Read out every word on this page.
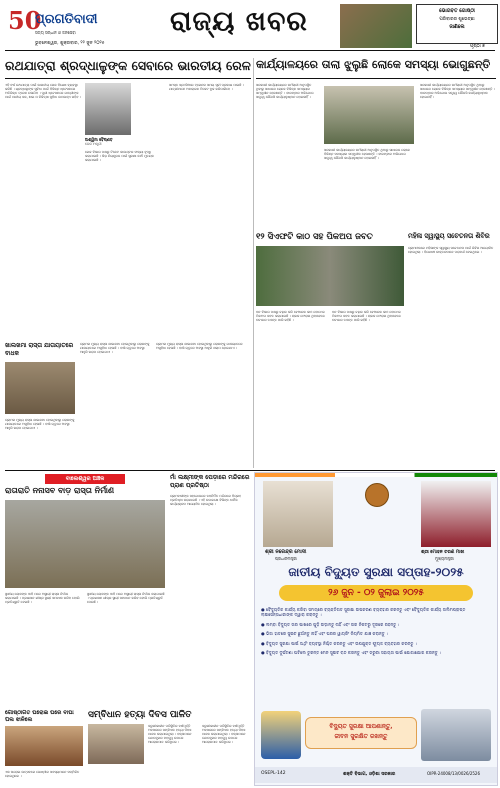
50
ପ୍ରଗତିବାଦୀ
ସତ୍ୟ ସନ୍ଧାନ ଓ ଜନସେବା
ଭୁବନେଶ୍ୱର, ଶୁକ୍ରବାର, ୨୨ ଜୁନ ୨୦୨୫
ରାଜ୍ୟ ଖବର	ଭୋଗବତ ଗୋଷ୍ଠୀ
ପରିବାରର ଶୁଭେଚ୍ଛା
ଜାଣିଲେ
ପୃଷ୍ଠା ୭
ରଥଯାତ୍ରା ଶ୍ରଦ୍ଧାଳୁଙ୍କ ସେବାରେ ଭାରତୀୟ ରେଳ
ଏହି ବର୍ଷ ରଥଯାତ୍ରା ପାଇଁ ଭାରତୀୟ ରେଳ ବିଶେଷ ବ୍ୟବସ୍ଥା କରିଛି । ଶ୍ରଦ୍ଧାଳୁଙ୍କ ସୁବିଧା ପାଇଁ ବିଭିନ୍ନ ଷ୍ଟେସନରେ ଅତିରିକ୍ତ ଟ୍ରେନ ଚଳାଯିବ । ପୁରୀ ଷ୍ଟେସନରେ ଯାତ୍ରୀଙ୍କ ପାଇଁ ପାନୀୟ ଜଳ, ଛାଇ ଓ ଚିକିତ୍ସା ସୁବିଧା ଉପଲବ୍ଧ ରହିବ ।
ଅଶ୍ୱିନୀ ବୈଷ୍ଣବ
ରେଳ ମନ୍ତ୍ରୀ
ରେଳ ବିଭାଗ ପକ୍ଷରୁ ଟିକେଟ କାଉଣ୍ଟର ସଂଖ୍ୟା ବୃଦ୍ଧି କରାଯାଇଛି । ଭିଡ଼ ନିୟନ୍ତ୍ରଣ ପାଇଁ ସୁରକ୍ଷା କର୍ମୀ ମୁତୟନ କରାଯାଇଛି ।
ସମସ୍ତ ସ୍ପେସିଆଲ ଟ୍ରେନର ସମୟ ସୂଚୀ ପ୍ରକାଶ ପାଇଛି । ଯାତ୍ରୀମାନେ ଅନଲାଇନ ଟିକେଟ ବୁକ କରିପାରିବେ ।
କାର୍ଯ୍ୟାଳୟରେ ତାଲା ଝୁଲୁଛି ଲୋକେ ସମସ୍ୟା ଭୋଗୁଛନ୍ତି
ସରକାରୀ କାର୍ଯ୍ୟାଳୟରେ କର୍ମଚାରୀ ଅନୁପସ୍ଥିତ ଥିବାରୁ ସାଧାରଣ ଲୋକେ ବିଭିନ୍ନ ସମସ୍ୟାର ସମ୍ମୁଖୀନ ହେଉଛନ୍ତି । ବାରମ୍ବାର ଅଭିଯୋଗ ସତ୍ତ୍ୱେ କୌଣସି କାର୍ଯ୍ୟାନୁଷ୍ଠାନ ହୋଇନାହିଁ ।
ସରକାରୀ କାର୍ଯ୍ୟାଳୟରେ କର୍ମଚାରୀ ଅନୁପସ୍ଥିତ ଥିବାରୁ ସାଧାରଣ ଲୋକେ ବିଭିନ୍ନ ସମସ୍ୟାର ସମ୍ମୁଖୀନ ହେଉଛନ୍ତି । ବାରମ୍ବାର ଅଭିଯୋଗ ସତ୍ତ୍ୱେ କୌଣସି କାର୍ଯ୍ୟାନୁଷ୍ଠାନ ହୋଇନାହିଁ ।
ସରକାରୀ କାର୍ଯ୍ୟାଳୟରେ କର୍ମଚାରୀ ଅନୁପସ୍ଥିତ ଥିବାରୁ ସାଧାରଣ ଲୋକେ ବିଭିନ୍ନ ସମସ୍ୟାର ସମ୍ମୁଖୀନ ହେଉଛନ୍ତି । ବାରମ୍ବାର ଅଭିଯୋଗ ସତ୍ତ୍ୱେ କୌଣସି କାର୍ଯ୍ୟାନୁଷ୍ଠାନ ହୋଇନାହିଁ ।
୧୨ ସିଏଫଟି କାଠ ସହ ପିକଅପ ଜବତ
ବନ ବିଭାଗ ପକ୍ଷରୁ ଚଢ଼ଉ କରି ବେଆଇନ କାଠ ବୋଝେଇ ପିକଅପ ଜବତ କରାଯାଇଛି । ଚାଳକ ଫେରାର ଥିବାବେଳେ ଘଟଣାର ତଦନ୍ତ ଜାରି ରହିଛି ।
ବନ ବିଭାଗ ପକ୍ଷରୁ ଚଢ଼ଉ କରି ବେଆଇନ କାଠ ବୋଝେଇ ପିକଅପ ଜବତ କରାଯାଇଛି । ଚାଳକ ଫେରାର ଥିବାବେଳେ ଘଟଣାର ତଦନ୍ତ ଜାରି ରହିଛି ।
ମହିଳା ସ୍ୱାସ୍ଥ୍ୟ ସଚେତନତା ଶିବିର
ଗ୍ରାମାଞ୍ଚଳରେ ମହିଳାଙ୍କ ସ୍ୱାସ୍ଥ୍ୟ ସଚେତନତା ପାଇଁ ଶିବିର ଆୟୋଜିତ ହୋଇଥିଲା । ବିଶେଷଜ୍ଞ ଡାକ୍ତରମାନେ ପରାମର୍ଶ ଦେଇଥିଲେ ।
ଖାଲଖମା ରାସ୍ତା ଯାତାୟାତରେ ବାଧକ
ଗ୍ରାମର ମୁଖ୍ୟ ରାସ୍ତା ଖାଲଖମା ହୋଇଥିବାରୁ ଲୋକଙ୍କୁ ଯାତାୟାତରେ ଅସୁବିଧା ହେଉଛି । ବର୍ଷା ଋତୁରେ ଅବସ୍ଥା ଆହୁରି ଖରାପ ହୋଇଯାଏ ।
ଗ୍ରାମର ମୁଖ୍ୟ ରାସ୍ତା ଖାଲଖମା ହୋଇଥିବାରୁ ଲୋକଙ୍କୁ ଯାତାୟାତରେ ଅସୁବିଧା ହେଉଛି । ବର୍ଷା ଋତୁରେ ଅବସ୍ଥା ଆହୁରି ଖରାପ ହୋଇଯାଏ ।
ଗ୍ରାମର ମୁଖ୍ୟ ରାସ୍ତା ଖାଲଖମା ହୋଇଥିବାରୁ ଲୋକଙ୍କୁ ଯାତାୟାତରେ ଅସୁବିଧା ହେଉଛି । ବର୍ଷା ଋତୁରେ ଅବସ୍ଥା ଆହୁରି ଖରାପ ହୋଇଯାଏ ।
ବାଲେଶ୍ୱର ଅଞ୍ଚଳ
ରାତାରାତି ନନାସବ ବାଡ଼ ରାସ୍ତା ନିର୍ମାଣ
ସ୍ଥାନୀୟ ଲୋକଙ୍କ ଦାବି ପରେ ଅସ୍ଥାୟୀ ରାସ୍ତା ନିର୍ମାଣ କରାଯାଇଛି । ପ୍ରଶାସନ ଶୀଘ୍ର ସ୍ଥାୟୀ ସମାଧାନ କରିବ ବୋଲି ପ୍ରତିଶ୍ରୁତି ଦେଇଛି ।
ସ୍ଥାନୀୟ ଲୋକଙ୍କ ଦାବି ପରେ ଅସ୍ଥାୟୀ ରାସ୍ତା ନିର୍ମାଣ କରାଯାଇଛି । ପ୍ରଶାସନ ଶୀଘ୍ର ସ୍ଥାୟୀ ସମାଧାନ କରିବ ବୋଲି ପ୍ରତିଶ୍ରୁତି ଦେଇଛି ।
ମାଁ ଲକ୍ଷ୍ମୀଙ୍କ ପେଡ଼ାରେ ମନ୍ଦିରରେ ପ୍ରାଣ ପ୍ରତିଷ୍ଠା
ଗ୍ରାମବାସୀଙ୍କ ସହଯୋଗରେ ନବନିର୍ମିତ ମନ୍ଦିରରେ ବିଗ୍ରହ ପ୍ରତିଷ୍ଠା କରାଯାଇଛି । ଏହି ଉପଲକ୍ଷେ ବିଭିନ୍ନ ଧାର୍ମିକ କାର୍ଯ୍ୟକ୍ରମ ଆୟୋଜିତ ହୋଇଥିଲା ।
ଶ୍ରୀ ନରେନ୍ଦ୍ର ମୋଦୀ
ପ୍ରଧାନମନ୍ତ୍ରୀ
ଶ୍ରୀ ମୋହନ ଚରଣ ମାଝୀ
ମୁଖ୍ୟମନ୍ତ୍ରୀ
ଜାତୀୟ ବିଦ୍ୟୁତ ସୁରକ୍ଷା ସପ୍ତାହ-୨୦୨୫
୨୬ ଜୁନ - ୦୨ ଜୁଲାଇ ୨୦୨୫
● ବୈଦ୍ୟୁତିକ କାର୍ଯ୍ୟ କରିବା ସମୟରେ ବ୍ୟକ୍ତିଗତ ସୁରକ୍ଷା ଉପକରଣ ବ୍ୟବହାର କରନ୍ତୁ ଏବଂ ବୈଦ୍ୟୁତିକ କାର୍ଯ୍ୟ ତାଲିମପ୍ରାପ୍ତ ଲାଇସେନ୍ସଧାରୀଙ୍କ ଦ୍ୱାରା କରାନ୍ତୁ ।
● ଲମ୍ବା ବିଦ୍ୟୁତ ତାର ପାଖରେ ଘୁଡ଼ି ଉଡ଼ାନ୍ତୁ ନାହିଁ ଏବଂ ତାର ନିକଟରୁ ଦୂରରେ ରହନ୍ତୁ ।
● ଭିଜା ହାତରେ ସୁଇଚ ଛୁଅଁନ୍ତୁ ନାହିଁ ଏବଂ ଘରର ୱାୟରିଂ ନିୟମିତ ଯାଞ୍ଚ କରାନ୍ତୁ ।
● ବିଦ୍ୟୁତ ସୁରକ୍ଷା ପାଇଁ ଅର୍ଥିଂ ବ୍ୟବସ୍ଥା ନିଶ୍ଚିତ କରନ୍ତୁ ଏବଂ ଉପଯୁକ୍ତ ଫ୍ୟୁଜ ବ୍ୟବହାର କରନ୍ତୁ ।
● ବିଦ୍ୟୁତ ଦୁର୍ଘଟଣା ଘଟିଲେ ତୁରନ୍ତ ମେନ ସୁଇଚ ବନ୍ଦ କରନ୍ତୁ ଏବଂ ଜରୁରୀ ସହାୟତା ପାଇଁ ଯୋଗାଯୋଗ କରନ୍ତୁ ।
ବିଦ୍ୟୁତ ସୁରକ୍ଷା ଆପଣାନ୍ତୁ,
ଜୀବନ ସୁରକ୍ଷିତ ରଖନ୍ତୁ
OSEPL-142	ଶକ୍ତି ବିଭାଗ, ଓଡ଼ିଶା ସରକାର	OIPR-24008/13/0026/2526
ଗୋଷ୍ଠୀଗତ ଘରୋଇ ଘରେ ବାଘା ପଲ ଝାଳିଲେ
ଏକ ଘରୋଇ ଉତ୍ସବରେ ଗୋଷ୍ଠୀର ସଦସ୍ୟମାନେ ସମ୍ମିଳିତ ହୋଇଥିଲେ ।
ସମ୍ବିଧାନ ହତ୍ୟା ଦିବସ ପାଳିତ
ଜରୁରୀକାଳୀନ ପରିସ୍ଥିତିର ବର୍ଷପୂର୍ତ୍ତି ଅବସରରେ ସମ୍ବିଧାନ ହତ୍ୟା ଦିବସ ପାଳନ କରାଯାଇଥିଲା । ବକ୍ତାମାନେ ଗଣତନ୍ତ୍ରର ମହତ୍ତ୍ୱ ଉପରେ ଆଲୋକପାତ କରିଥିଲେ ।
ଜରୁରୀକାଳୀନ ପରିସ୍ଥିତିର ବର୍ଷପୂର୍ତ୍ତି ଅବସରରେ ସମ୍ବିଧାନ ହତ୍ୟା ଦିବସ ପାଳନ କରାଯାଇଥିଲା । ବକ୍ତାମାନେ ଗଣତନ୍ତ୍ରର ମହତ୍ତ୍ୱ ଉପରେ ଆଲୋକପାତ କରିଥିଲେ ।
